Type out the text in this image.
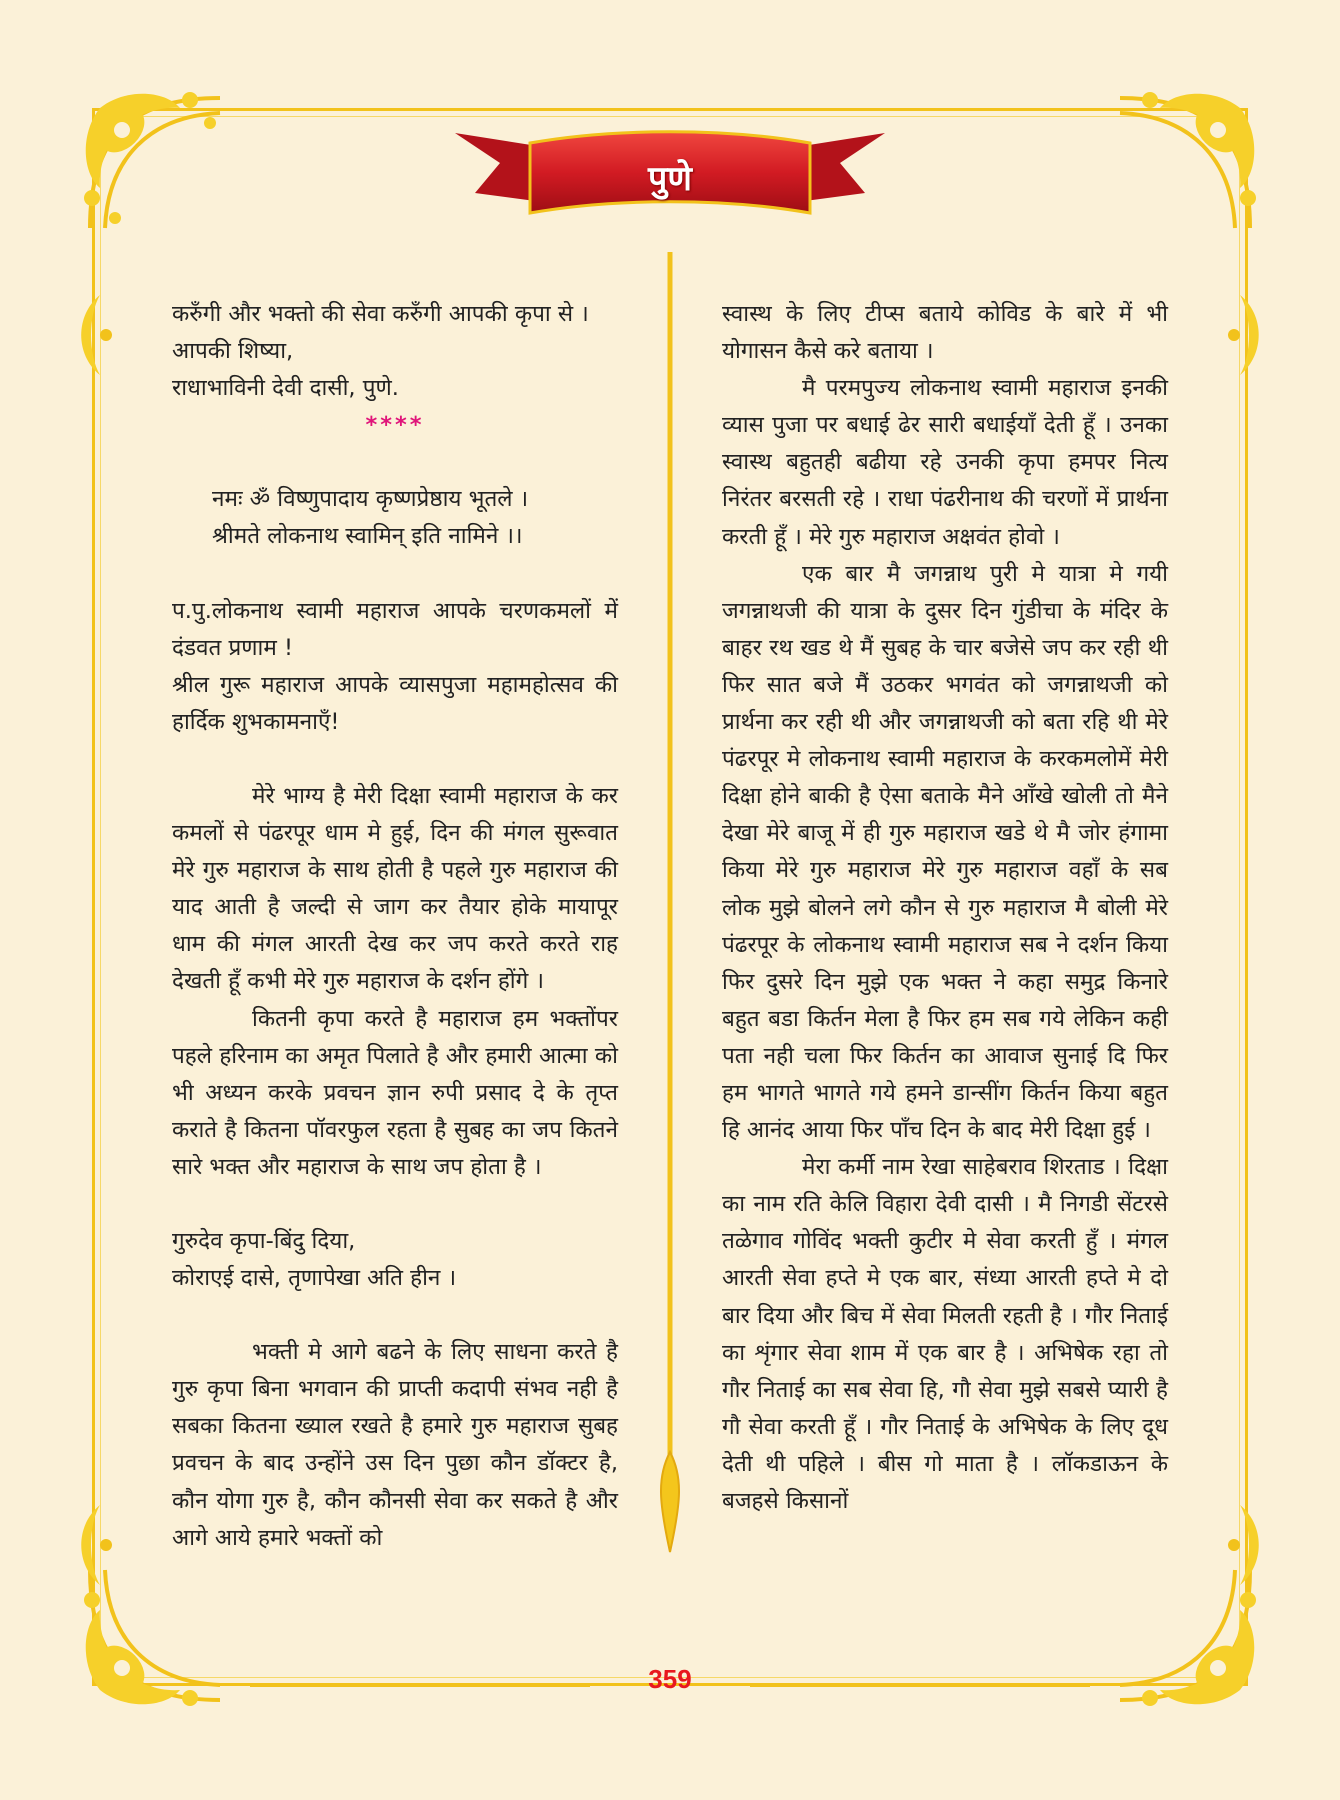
पुणे

करुँगी और भक्तो की सेवा करुँगी आपकी कृपा से ।

आपकी शिष्या,

राधाभाविनी देवी दासी, पुणे.

****

नमः ॐ विष्णुपादाय कृष्णप्रेष्ठाय भूतले ।

श्रीमते लोकनाथ स्वामिन् इति नामिने ।।

प.पु.लोकनाथ स्वामी महाराज आपके चरणकमलों में दंडवत प्रणाम !

श्रील गुरू महाराज आपके व्यासपुजा महामहोत्सव की हार्दिक शुभकामनाएँ!

मेरे भाग्य है मेरी दिक्षा स्वामी महाराज के कर कमलों से पंढरपूर धाम मे हुई, दिन की मंगल सुरूवात मेरे गुरु महाराज के साथ होती है पहले गुरु महाराज की याद आती है जल्दी से जाग कर तैयार होके मायापूर धाम की मंगल आरती देख कर जप करते करते राह देखती हूँ कभी मेरे गुरु महाराज के दर्शन होंगे ।

कितनी कृपा करते है महाराज हम भक्तोंपर पहले हरिनाम का अमृत पिलाते है और हमारी आत्मा को भी अध्यन करके प्रवचन ज्ञान रुपी प्रसाद दे के तृप्त कराते है कितना पॉवरफुल रहता है सुबह का जप कितने सारे भक्त और महाराज के साथ जप होता है ।

गुरुदेव कृपा-बिंदु दिया,

कोराएई दासे, तृणापेखा अति हीन ।

भक्ती मे आगे बढने के लिए साधना करते है गुरु कृपा बिना भगवान की प्राप्ती कदापी संभव नही है सबका कितना ख्याल रखते है हमारे गुरु महाराज सुबह प्रवचन के बाद उन्होंने उस दिन पुछा कौन डॉक्टर है, कौन योगा गुरु है, कौन कौनसी सेवा कर सकते है और आगे आये हमारे भक्तों को

स्वास्थ के लिए टीप्स बताये कोविड के बारे में भी योगासन कैसे करे बताया ।

मै परमपुज्य लोकनाथ स्वामी महाराज इनकी व्यास पुजा पर बधाई ढेर सारी बधाईयाँ देती हूँ । उनका स्वास्थ बहुतही बढीया रहे उनकी कृपा हमपर नित्य निरंतर बरसती रहे । राधा पंढरीनाथ की चरणों में प्रार्थना करती हूँ । मेरे गुरु महाराज अक्षवंत होवो ।

एक बार मै जगन्नाथ पुरी मे यात्रा मे गयी जगन्नाथजी की यात्रा के दुसर दिन गुंडीचा के मंदिर के बाहर रथ खड थे मैं सुबह के चार बजेसे जप कर रही थी फिर सात बजे मैं उठकर भगवंत को जगन्नाथजी को प्रार्थना कर रही थी और जगन्नाथजी को बता रहि थी मेरे पंढरपूर मे लोकनाथ स्वामी महाराज के करकमलोमें मेरी दिक्षा होने बाकी है ऐसा बताके मैने आँखे खोली तो मैने देखा मेरे बाजू में ही गुरु महाराज खडे थे मै जोर हंगामा किया मेरे गुरु महाराज मेरे गुरु महाराज वहाँ के सब लोक मुझे बोलने लगे कौन से गुरु महाराज मै बोली मेरे पंढरपूर के लोकनाथ स्वामी महाराज सब ने दर्शन किया फिर दुसरे दिन मुझे एक भक्त ने कहा समुद्र किनारे बहुत बडा किर्तन मेला है फिर हम सब गये लेकिन कही पता नही चला फिर किर्तन का आवाज सुनाई दि फिर हम भागते भागते गये हमने डान्सींग किर्तन किया बहुत हि आनंद आया फिर पाँच दिन के बाद मेरी दिक्षा हुई ।

मेरा कर्मी नाम रेखा साहेबराव शिरताड । दिक्षा का नाम रति केलि विहारा देवी दासी । मै निगडी सेंटरसे तळेगाव गोविंद भक्ती कुटीर मे सेवा करती हुँ । मंगल आरती सेवा हप्ते मे एक बार, संध्या आरती हप्ते मे दो बार दिया और बिच में सेवा मिलती रहती है । गौर निताई का शृंगार सेवा शाम में एक बार है । अभिषेक रहा तो गौर निताई का सब सेवा हि, गौ सेवा मुझे सबसे प्यारी है गौ सेवा करती हूँ । गौर निताई के अभिषेक के लिए दूध देती थी पहिले । बीस गो माता है । लॉकडाऊन के बजहसे किसानों

359
